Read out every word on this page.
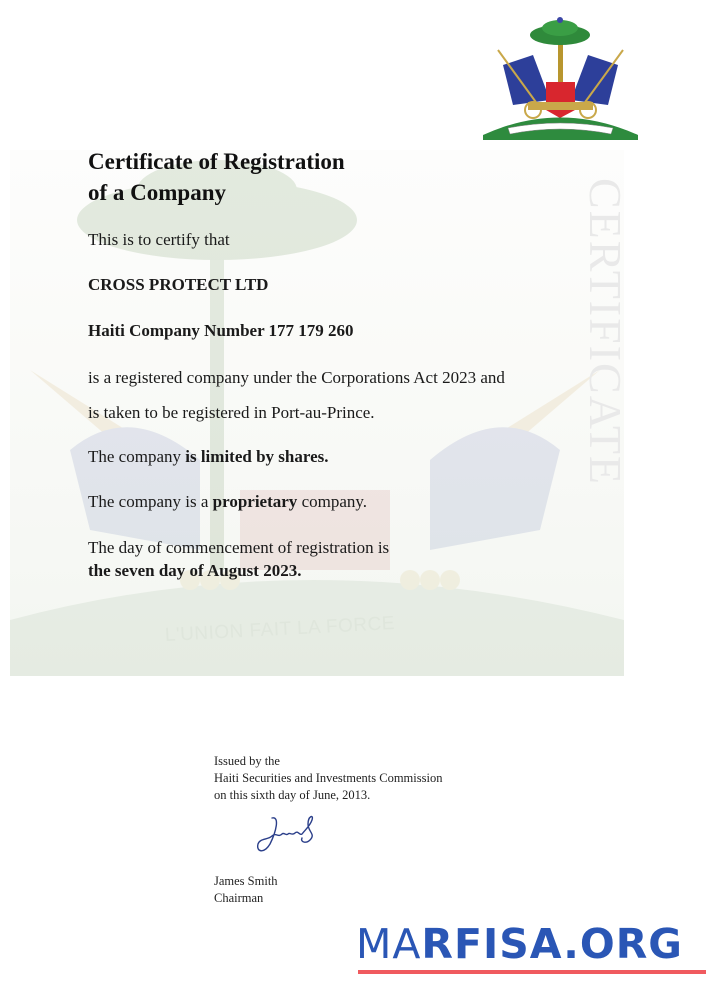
CERTIFICATE
L'UNION FAIT LA FORCE
Certificate of Registration
of a Company
This is to certify that
CROSS PROTECT LTD
Haiti Company Number 177 179 260
is a registered company under the Corporations Act 2023 and
is taken to be registered in Port-au-Prince.
The company is limited by shares.
The company is a proprietary company.
The day of commencement of registration is
the seven day of August 2023.
Issued by the
Haiti Securities and Investments Commission
on this sixth day of June, 2013.
James Smith
Chairman
MARFISA.ORG
